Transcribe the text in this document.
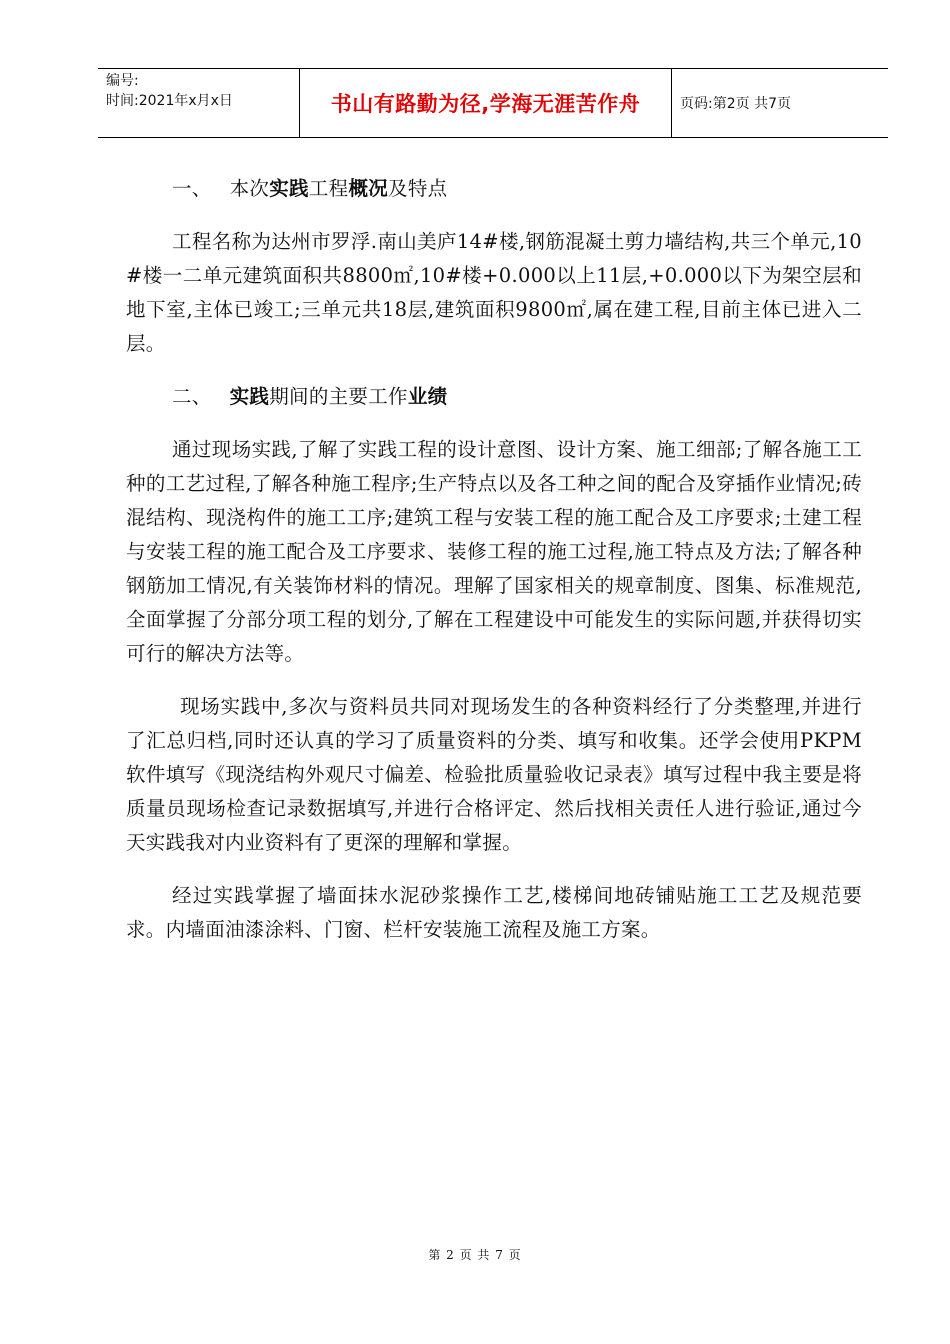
编号:
时间:2021年x月x日	书山有路勤为径,学海无涯苦作舟	页码:第2页 共7页
一、 本次实践工程概况及特点

工程名称为达州市罗浮.南山美庐14#楼,钢筋混凝土剪力墙结构,共三个单元,10#楼一二单元建筑面积共8800㎡,10#楼+0.000以上11层,+0.000以下为架空层和地下室,主体已竣工;三单元共18层,建筑面积9800㎡,属在建工程,目前主体已进入二层。

二、 实践期间的主要工作业绩

通过现场实践,了解了实践工程的设计意图、设计方案、施工细部;了解各施工工种的工艺过程,了解各种施工程序;生产特点以及各工种之间的配合及穿插作业情况;砖混结构、现浇构件的施工工序;建筑工程与安装工程的施工配合及工序要求;土建工程与安装工程的施工配合及工序要求、装修工程的施工过程,施工特点及方法;了解各种钢筋加工情况,有关装饰材料的情况。理解了国家相关的规章制度、图集、标准规范,全面掌握了分部分项工程的划分,了解在工程建设中可能发生的实际问题,并获得切实可行的解决方法等。

现场实践中,多次与资料员共同对现场发生的各种资料经行了分类整理,并进行了汇总归档,同时还认真的学习了质量资料的分类、填写和收集。还学会使用PKPM软件填写《现浇结构外观尺寸偏差、检验批质量验收记录表》填写过程中我主要是将质量员现场检查记录数据填写,并进行合格评定、然后找相关责任人进行验证,通过今天实践我对内业资料有了更深的理解和掌握。

经过实践掌握了墙面抹水泥砂浆操作工艺,楼梯间地砖铺贴施工工艺及规范要求。内墙面油漆涂料、门窗、栏杆安装施工流程及施工方案。

第 2 页 共 7 页
